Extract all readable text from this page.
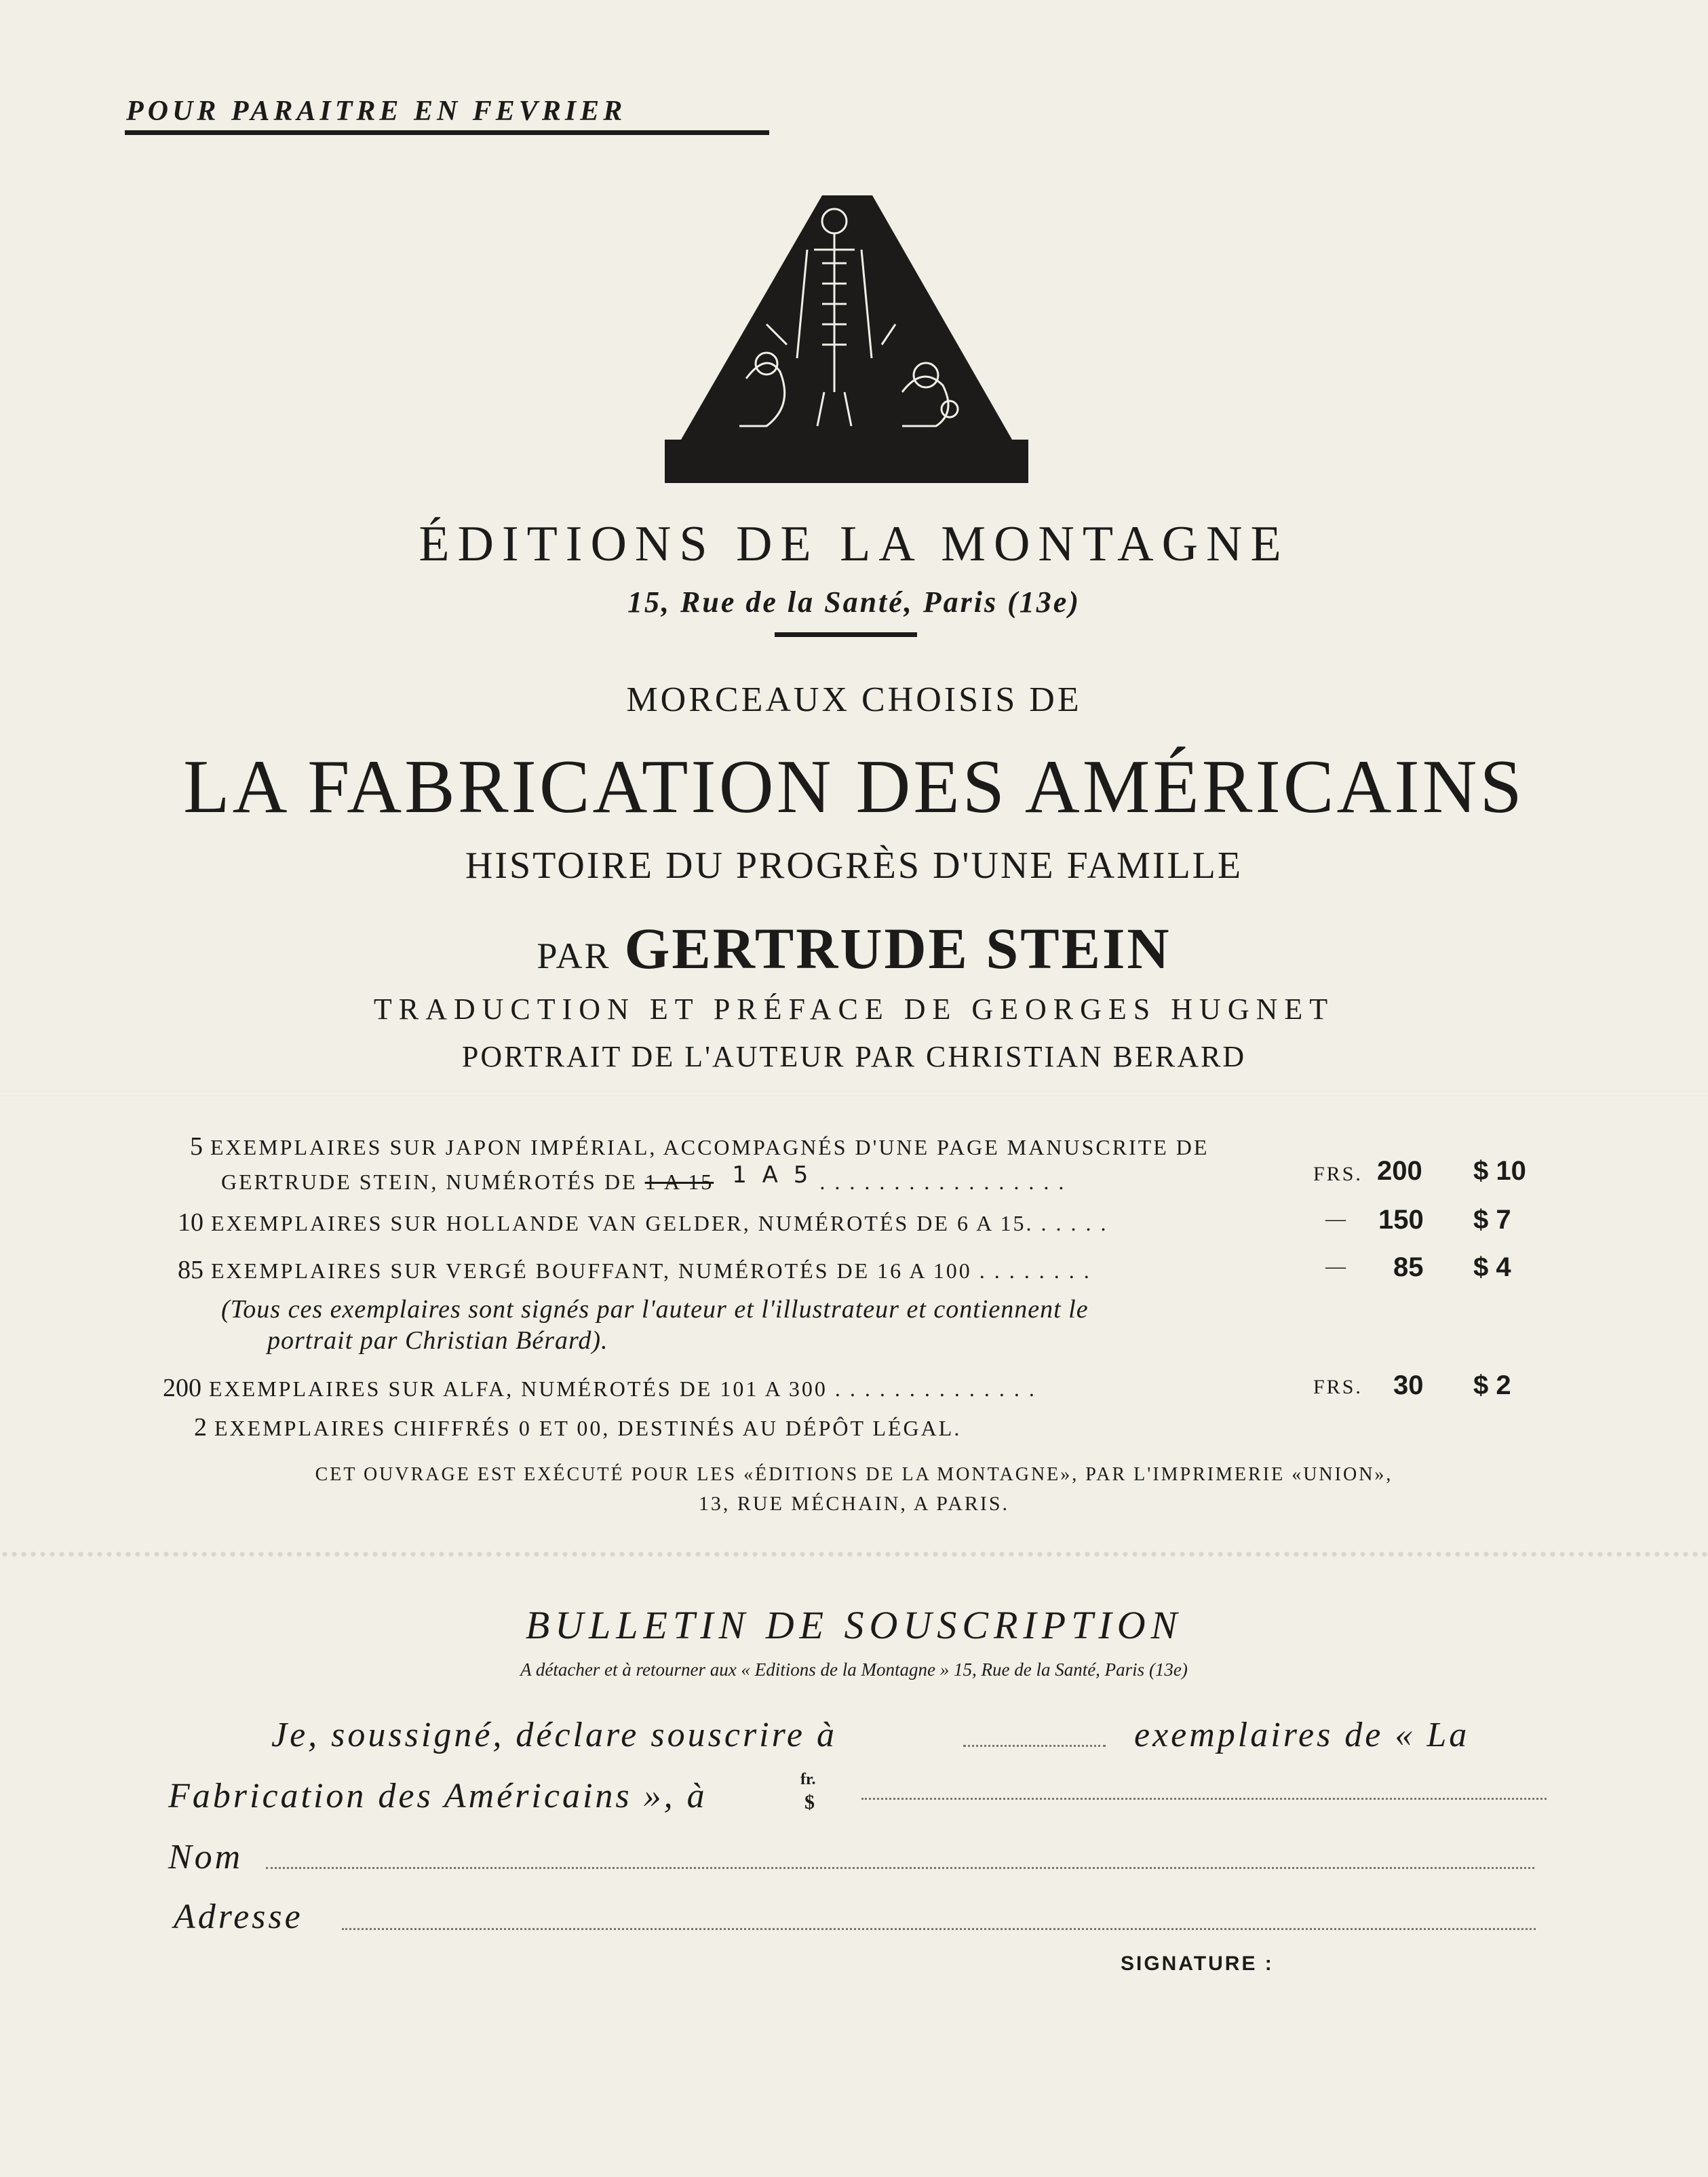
POUR PARAITRE EN FEVRIER
ÉDITIONS DE LA MONTAGNE
15, Rue de la Santé, Paris (13e)
MORCEAUX CHOISIS DE
LA FABRICATION DES AMÉRICAINS
HISTOIRE DU PROGRÈS D'UNE FAMILLE
PAR GERTRUDE STEIN
TRADUCTION ET PRÉFACE DE GEORGES HUGNET
PORTRAIT DE L'AUTEUR PAR CHRISTIAN BERARD
5 EXEMPLAIRES SUR JAPON IMPÉRIAL, ACCOMPAGNÉS D'UNE PAGE MANUSCRITE DE
GERTRUDE STEIN, NUMÉROTÉS DE 1 A 15 1 A 5 . . . . . . . . . . . . . . . . .	FRS. 200 $ 10
10 EXEMPLAIRES SUR HOLLANDE VAN GELDER, NUMÉROTÉS DE 6 A 15. . . . . .	— 150 $ 7
85 EXEMPLAIRES SUR VERGÉ BOUFFANT, NUMÉROTÉS DE 16 A 100 . . . . . . . .	— 85 $ 4
(Tous ces exemplaires sont signés par l'auteur et l'illustrateur et contiennent le
portrait par Christian Bérard).
200 EXEMPLAIRES SUR ALFA, NUMÉROTÉS DE 101 A 300 . . . . . . . . . . . . . .	FRS. 30 $ 2
2 EXEMPLAIRES CHIFFRÉS 0 ET 00, DESTINÉS AU DÉPÔT LÉGAL.
CET OUVRAGE EST EXÉCUTÉ POUR LES «ÉDITIONS DE LA MONTAGNE», PAR L'IMPRIMERIE «UNION»,
13, RUE MÉCHAIN, A PARIS.
BULLETIN DE SOUSCRIPTION
A détacher et à retourner aux « Editions de la Montagne » 15, Rue de la Santé, Paris (13e)
Je, soussigné, déclare souscrire à	exemplaires de « La
Fabrication des Américains », à	fr.
$
Nom
Adresse
SIGNATURE :
